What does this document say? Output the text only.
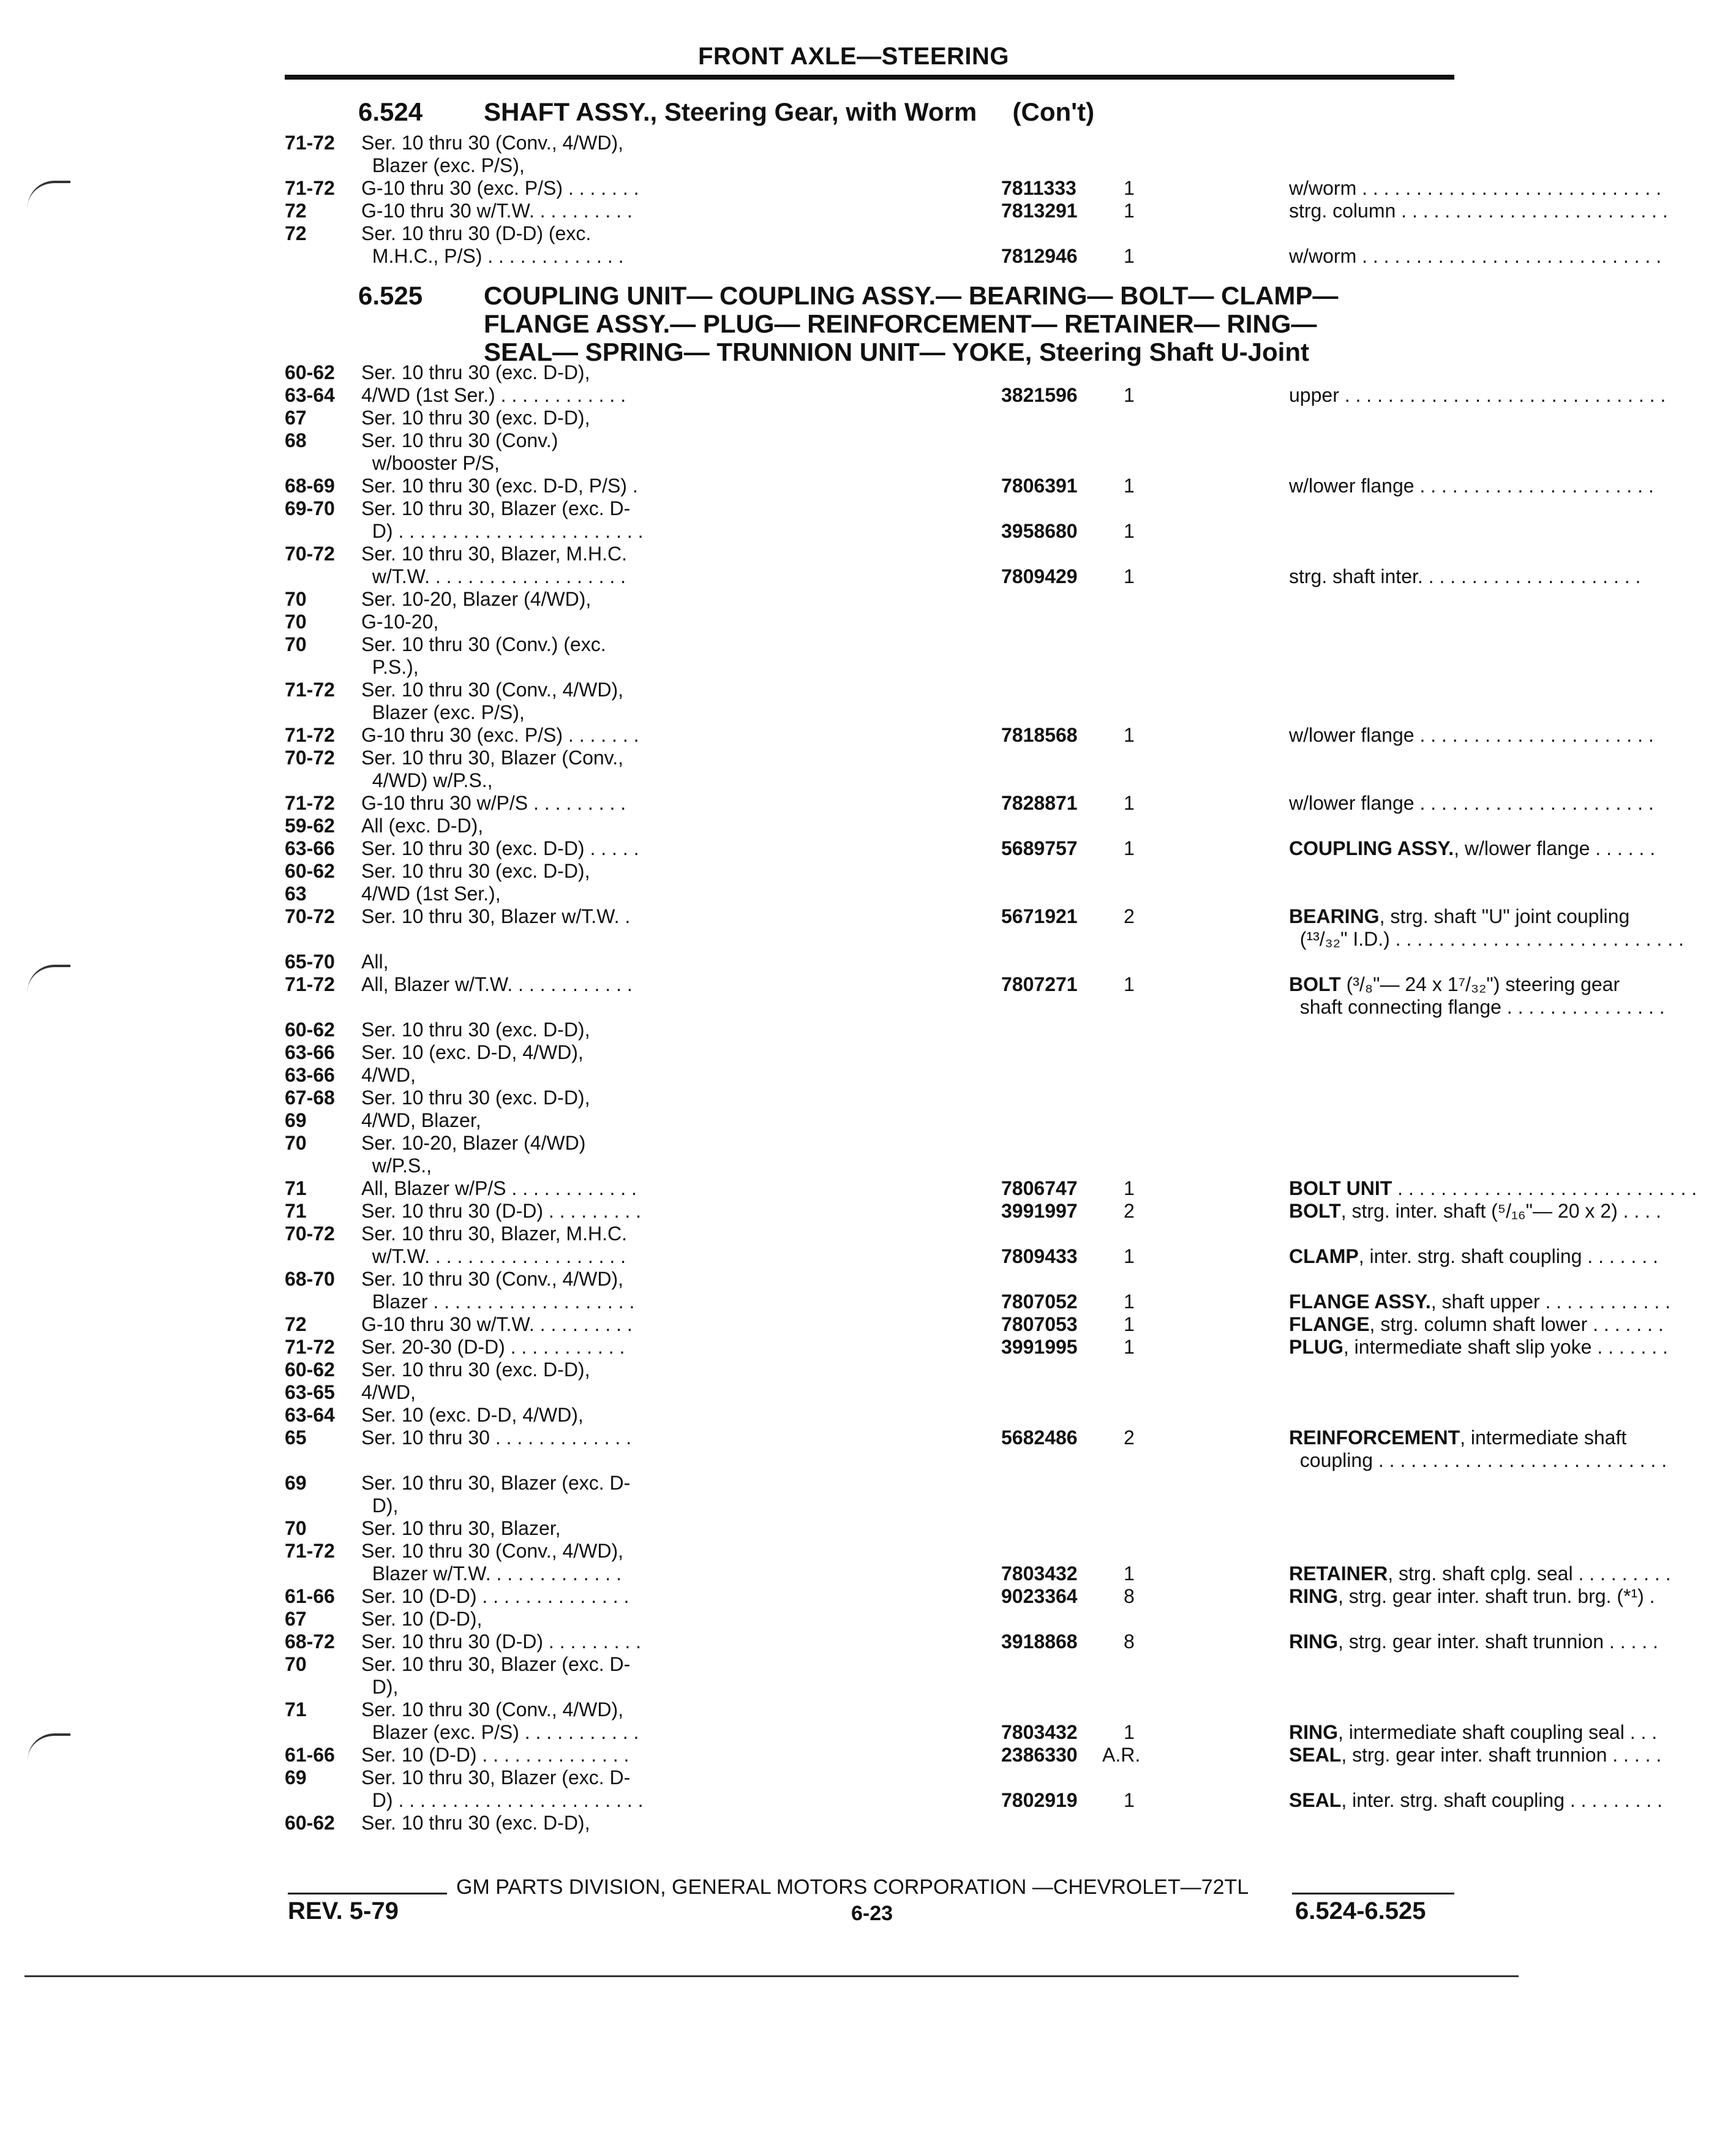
FRONT AXLE—STEERING
6.524 SHAFT ASSY., Steering Gear, with Worm     (Con't)
6.525 COUPLING UNIT— COUPLING ASSY.— BEARING— BOLT— CLAMP—
FLANGE ASSY.— PLUG— REINFORCEMENT— RETAINER— RING—
SEAL— SPRING— TRUNNION UNIT— YOKE, Steering Shaft U-Joint
71-72	Ser. 10 thru 30 (Conv., 4/WD),
Blazer (exc. P/S),
71-72	G-10 thru 30 (exc. P/S) . . . . . . .	7811333 1	w/worm . . . . . . . . . . . . . . . . . . . . . . . . . . . .
72	G-10 thru 30 w/T.W. . . . . . . . . .	7813291 1	strg. column . . . . . . . . . . . . . . . . . . . . . . . . .
72	Ser. 10 thru 30 (D-D) (exc.
M.H.C., P/S) . . . . . . . . . . . . .	7812946 1	w/worm . . . . . . . . . . . . . . . . . . . . . . . . . . . .
60-62	Ser. 10 thru 30 (exc. D-D),
63-64	4/WD (1st Ser.) . . . . . . . . . . . .	3821596 1	upper . . . . . . . . . . . . . . . . . . . . . . . . . . . . . .
67	Ser. 10 thru 30 (exc. D-D),
68	Ser. 10 thru 30 (Conv.)
w/booster P/S,
68-69	Ser. 10 thru 30 (exc. D-D, P/S) .	7806391 1	w/lower flange . . . . . . . . . . . . . . . . . . . . . .
69-70	Ser. 10 thru 30, Blazer (exc. D-
D) . . . . . . . . . . . . . . . . . . . . . . .	3958680 1
70-72	Ser. 10 thru 30, Blazer, M.H.C.
w/T.W. . . . . . . . . . . . . . . . . . .	7809429 1	strg. shaft inter. . . . . . . . . . . . . . . . . . . . .
70	Ser. 10-20, Blazer (4/WD),
70	G-10-20,
70	Ser. 10 thru 30 (Conv.) (exc.
P.S.),
71-72	Ser. 10 thru 30 (Conv., 4/WD),
Blazer (exc. P/S),
71-72	G-10 thru 30 (exc. P/S) . . . . . . .	7818568 1	w/lower flange . . . . . . . . . . . . . . . . . . . . . .
70-72	Ser. 10 thru 30, Blazer (Conv.,
4/WD) w/P.S.,
71-72	G-10 thru 30 w/P/S . . . . . . . . .	7828871 1	w/lower flange . . . . . . . . . . . . . . . . . . . . . .
59-62	All (exc. D-D),
63-66	Ser. 10 thru 30 (exc. D-D) . . . . .	5689757 1	COUPLING ASSY., w/lower flange . . . . . .
60-62	Ser. 10 thru 30 (exc. D-D),
63	4/WD (1st Ser.),
70-72	Ser. 10 thru 30, Blazer w/T.W. .	5671921 2	BEARING, strg. shaft "U" joint coupling
(¹³/₃₂" I.D.) . . . . . . . . . . . . . . . . . . . . . . . . . . .
65-70	All,
71-72	All, Blazer w/T.W. . . . . . . . . . . .	7807271 1	BOLT (³/₈"— 24 x 1⁷/₃₂") steering gear
shaft connecting flange . . . . . . . . . . . . . . .
60-62	Ser. 10 thru 30 (exc. D-D),
63-66	Ser. 10 (exc. D-D, 4/WD),
63-66	4/WD,
67-68	Ser. 10 thru 30 (exc. D-D),
69	4/WD, Blazer,
70	Ser. 10-20, Blazer (4/WD)
w/P.S.,
71	All, Blazer w/P/S . . . . . . . . . . . .	7806747 1	BOLT UNIT . . . . . . . . . . . . . . . . . . . . . . . . . . . .
71	Ser. 10 thru 30 (D-D) . . . . . . . . .	3991997 2	BOLT, strg. inter. shaft (⁵/₁₆"— 20 x 2) . . . .
70-72	Ser. 10 thru 30, Blazer, M.H.C.
w/T.W. . . . . . . . . . . . . . . . . . .	7809433 1	CLAMP, inter. strg. shaft coupling . . . . . . .
68-70	Ser. 10 thru 30 (Conv., 4/WD),
Blazer . . . . . . . . . . . . . . . . . . .	7807052 1	FLANGE ASSY., shaft upper . . . . . . . . . . . .
72	G-10 thru 30 w/T.W. . . . . . . . . .	7807053 1	FLANGE, strg. column shaft lower . . . . . . .
71-72	Ser. 20-30 (D-D) . . . . . . . . . . .	3991995 1	PLUG, intermediate shaft slip yoke . . . . . . .
60-62	Ser. 10 thru 30 (exc. D-D),
63-65	4/WD,
63-64	Ser. 10 (exc. D-D, 4/WD),
65	Ser. 10 thru 30 . . . . . . . . . . . . .	5682486 2	REINFORCEMENT, intermediate shaft
coupling . . . . . . . . . . . . . . . . . . . . . . . . . . .
69	Ser. 10 thru 30, Blazer (exc. D-
D),
70	Ser. 10 thru 30, Blazer,
71-72	Ser. 10 thru 30 (Conv., 4/WD),
Blazer w/T.W. . . . . . . . . . . . .	7803432 1	RETAINER, strg. shaft cplg. seal . . . . . . . . .
61-66	Ser. 10 (D-D) . . . . . . . . . . . . . .	9023364 8	RING, strg. gear inter. shaft trun. brg. (*¹) .
67	Ser. 10 (D-D),
68-72	Ser. 10 thru 30 (D-D) . . . . . . . . .	3918868 8	RING, strg. gear inter. shaft trunnion . . . . .
70	Ser. 10 thru 30, Blazer (exc. D-
D),
71	Ser. 10 thru 30 (Conv., 4/WD),
Blazer (exc. P/S) . . . . . . . . . . .	7803432 1	RING, intermediate shaft coupling seal . . .
61-66	Ser. 10 (D-D) . . . . . . . . . . . . . .	2386330 A.R.	SEAL, strg. gear inter. shaft trunnion . . . . .
69	Ser. 10 thru 30, Blazer (exc. D-
D) . . . . . . . . . . . . . . . . . . . . . . .	7802919 1	SEAL, inter. strg. shaft coupling . . . . . . . . .
60-62	Ser. 10 thru 30 (exc. D-D),
GM PARTS DIVISION, GENERAL MOTORS CORPORATION —CHEVROLET—72TL
REV. 5-79	6-23	6.524-6.525
